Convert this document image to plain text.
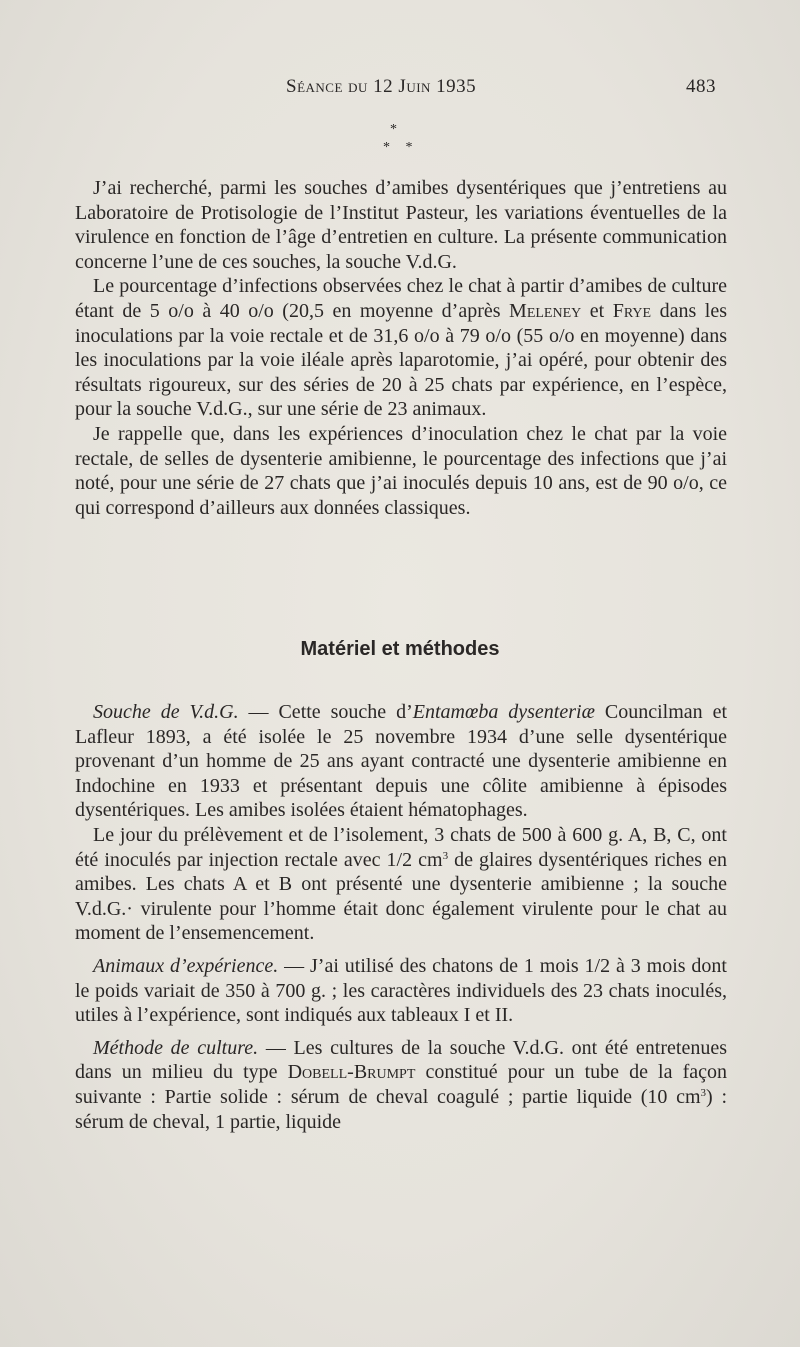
Séance du 12 Juin 1935	483
*
* *

J’ai recherché, parmi les souches d’amibes dysentériques que j’entretiens au Laboratoire de Protisologie de l’Institut Pasteur, les variations éventuelles de la virulence en fonction de l’âge d’entretien en culture. La présente communication concerne l’une de ces souches, la souche V.d.G.

Le pourcentage d’infections observées chez le chat à partir d’amibes de culture étant de 5 o/o à 40 o/o (20,5 en moyenne d’après Meleney et Frye dans les inoculations par la voie rectale et de 31,6 o/o à 79 o/o (55 o/o en moyenne) dans les inoculations par la voie iléale après laparotomie, j’ai opéré, pour obtenir des résultats rigoureux, sur des séries de 20 à 25 chats par expérience, en l’espèce, pour la souche V.d.G., sur une série de 23 animaux.

Je rappelle que, dans les expériences d’inoculation chez le chat par la voie rectale, de selles de dysenterie amibienne, le pourcentage des infections que j’ai noté, pour une série de 27 chats que j’ai inoculés depuis 10 ans, est de 90 o/o, ce qui correspond d’ailleurs aux données classiques.

Matériel et méthodes

Souche de V.d.G. — Cette souche d’Entamœba dysenteriæ Councilman et Lafleur 1893, a été isolée le 25 novembre 1934 d’une selle dysentérique provenant d’un homme de 25 ans ayant contracté une dysenterie amibienne en Indochine en 1933 et présentant depuis une côlite amibienne à épisodes dysentériques. Les amibes isolées étaient hématophages.

Le jour du prélèvement et de l’isolement, 3 chats de 500 à 600 g. A, B, C, ont été inoculés par injection rectale avec 1/2 $cm^3$ de glaires dysentériques riches en amibes. Les chats A et B ont présenté une dysenterie amibienne ; la souche V.d.G.· virulente pour l’homme était donc également virulente pour le chat au moment de l’ensemencement.

Animaux d’expérience. — J’ai utilisé des chatons de 1 mois 1/2 à 3 mois dont le poids variait de 350 à 700 g. ; les caractères individuels des 23 chats inoculés, utiles à l’expérience, sont indiqués aux tableaux I et II.

Méthode de culture. — Les cultures de la souche V.d.G. ont été entretenues dans un milieu du type Dobell-Brumpt constitué pour un tube de la façon suivante : Partie solide : sérum de cheval coagulé ; partie liquide (10 $cm^3$) : sérum de cheval, 1 partie, liquide
